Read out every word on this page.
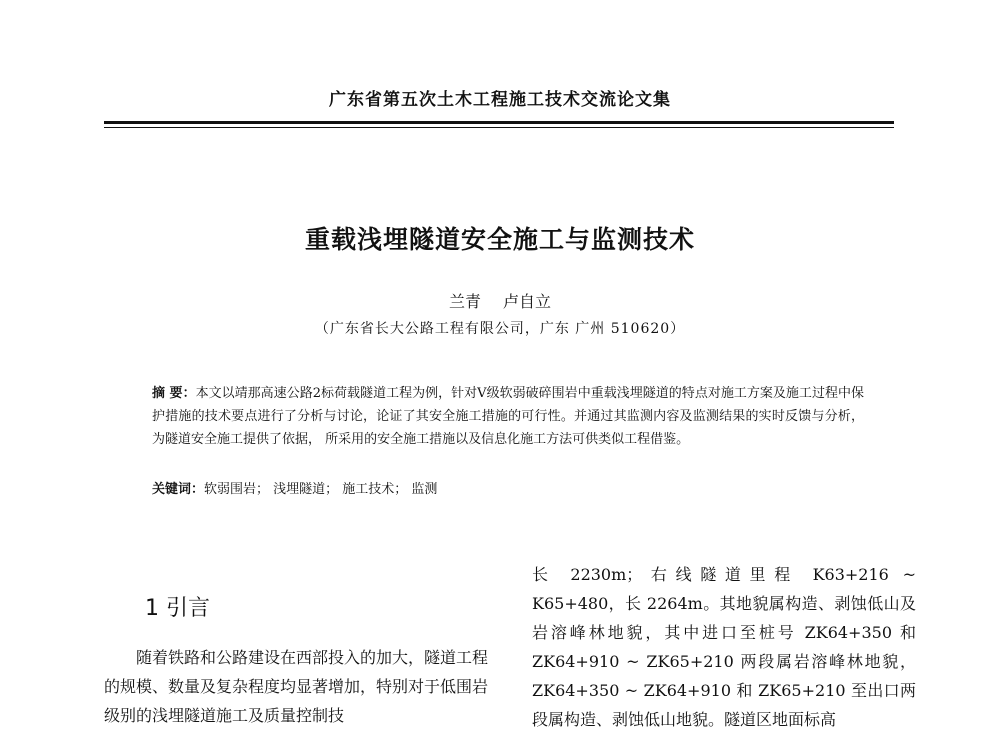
广东省第五次土木工程施工技术交流论文集
重载浅埋隧道安全施工与监测技术
兰青 卢自立
（广东省长大公路工程有限公司，广东 广州 510620）
摘 要：本文以靖那高速公路2标荷载隧道工程为例，针对V级软弱破碎围岩中重载浅埋隧道的特点对施工方案及施工过程中保护措施的技术要点进行了分析与讨论，论证了其安全施工措施的可行性。并通过其监测内容及监测结果的实时反馈与分析，为隧道安全施工提供了依据， 所采用的安全施工措施以及信息化施工方法可供类似工程借鉴。
关键词：软弱围岩； 浅埋隧道； 施工技术； 监测
1 引言
随着铁路和公路建设在西部投入的加大，隧道工程的规模、数量及复杂程度均显著增加，特别对于低围岩级别的浅埋隧道施工及质量控制技
长 2230m；右线隧道里程 K63+216 ~ K65+480，长 2264m。其地貌属构造、剥蚀低山及岩溶峰林地貌，其中进口至桩号 ZK64+350 和 ZK64+910 ~ ZK65+210 两段属岩溶峰林地貌，ZK64+350 ~ ZK64+910 和 ZK65+210 至出口两段属构造、剥蚀低山地貌。隧道区地面标高
